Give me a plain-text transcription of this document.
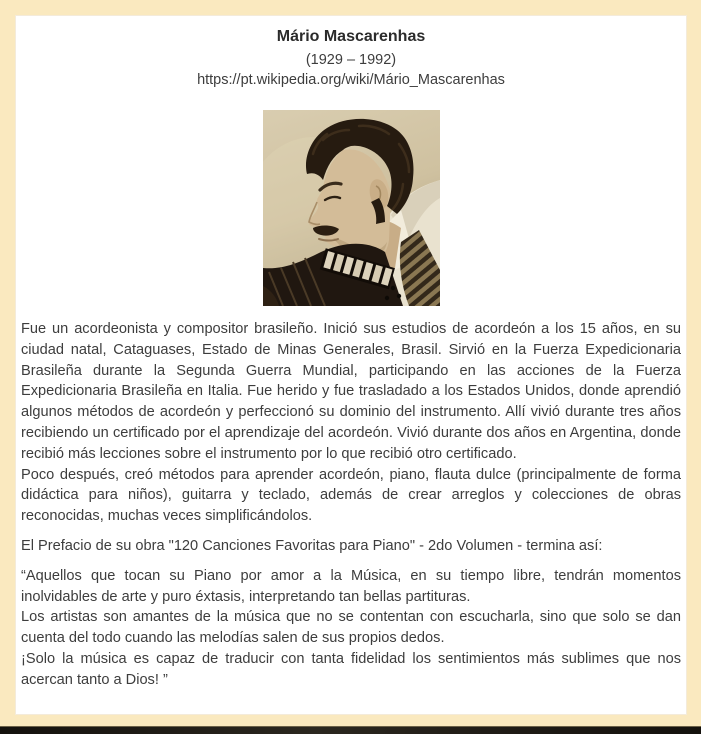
Mário Mascarenhas
(1929 – 1992)
https://pt.wikipedia.org/wiki/Mário_Mascarenhas

Fue un acordeonista y compositor brasileño. Inició sus estudios de acordeón a los 15 años, en su ciudad natal, Cataguases, Estado de Minas Generales, Brasil. Sirvió en la Fuerza Expedicionaria Brasileña durante la Segunda Guerra Mundial, participando en las acciones de la Fuerza Expedicionaria Brasileña en Italia. Fue herido y fue trasladado a los Estados Unidos, donde aprendió algunos métodos de acordeón y perfeccionó su dominio del instrumento. Allí vivió durante tres años recibiendo un certificado por el aprendizaje del acordeón. Vivió durante dos años en Argentina, donde recibió más lecciones sobre el instrumento por lo que recibió otro certificado.

Poco después, creó métodos para aprender acordeón, piano, flauta dulce (principalmente de forma didáctica para niños), guitarra y teclado, además de crear arreglos y colecciones de obras reconocidas, muchas veces simplificándolos.

El Prefacio de su obra "120 Canciones Favoritas para Piano" - 2do Volumen - termina así:

“Aquellos que tocan su Piano por amor a la Música, en su tiempo libre, tendrán momentos inolvidables de arte y puro éxtasis, interpretando tan bellas partituras.

Los artistas son amantes de la música que no se contentan con escucharla, sino que solo se dan cuenta del todo cuando las melodías salen de sus propios dedos.

¡Solo la música es capaz de traducir con tanta fidelidad los sentimientos más sublimes que nos acercan tanto a Dios! ”
